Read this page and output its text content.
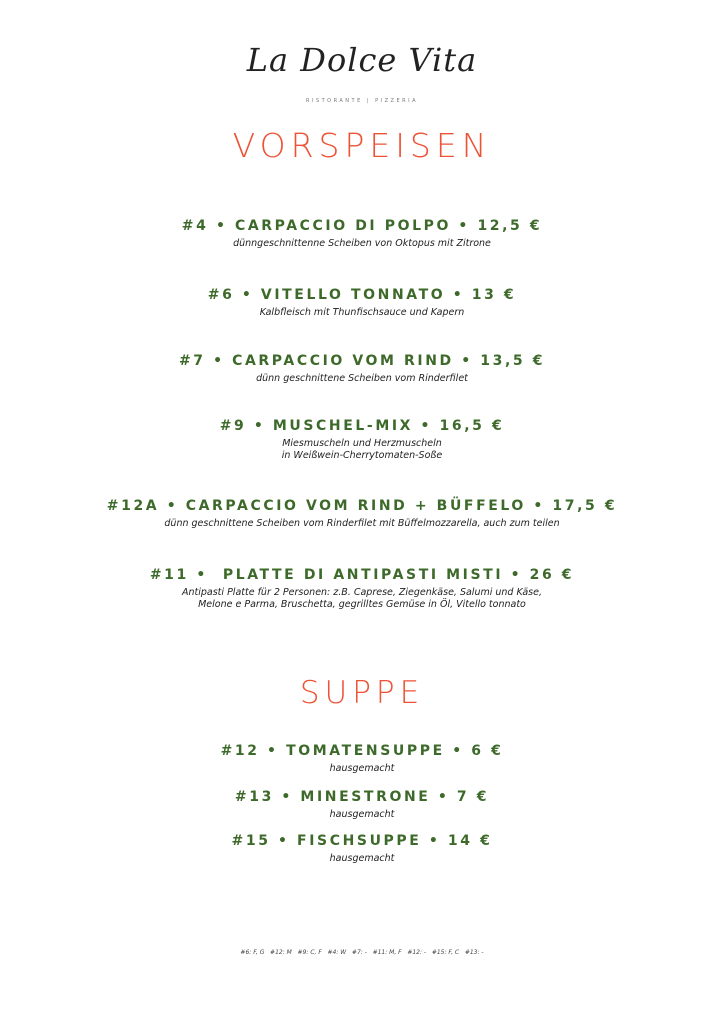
La Dolce Vita
RISTORANTE | PIZZERIA
VORSPEISEN
#4 • CARPACCIO DI POLPO • 12,5 €
dünngeschnittenne Scheiben von Oktopus mit Zitrone
#6 • VITELLO TONNATO • 13 €
Kalbfleisch mit Thunfischsauce und Kapern
#7 • CARPACCIO VOM RIND • 13,5 €
dünn geschnittene Scheiben vom Rinderfilet
#9 • MUSCHEL-MIX • 16,5 €
Miesmuscheln und Herzmuscheln
in Weißwein-Cherrytomaten-Soße
#12A • CARPACCIO VOM RIND + BÜFFELO • 17,5 €
dünn geschnittene Scheiben vom Rinderfilet mit Büffelmozzarella, auch zum teilen
#11 •  PLATTE DI ANTIPASTI MISTI • 26 €
Antipasti Platte für 2 Personen: z.B. Caprese, Ziegenkäse, Salumi und Käse,
Melone e Parma, Bruschetta, gegrilltes Gemüse in Öl, Vitello tonnato
SUPPE
#12 • TOMATENSUPPE • 6 €
hausgemacht
#13 • MINESTRONE • 7 €
hausgemacht
#15 • FISCHSUPPE • 14 €
hausgemacht
#6: F, G   #12: M   #9: C, F   #4: W   #7: -   #11: M, F   #12: -   #15: F, C   #13: -
